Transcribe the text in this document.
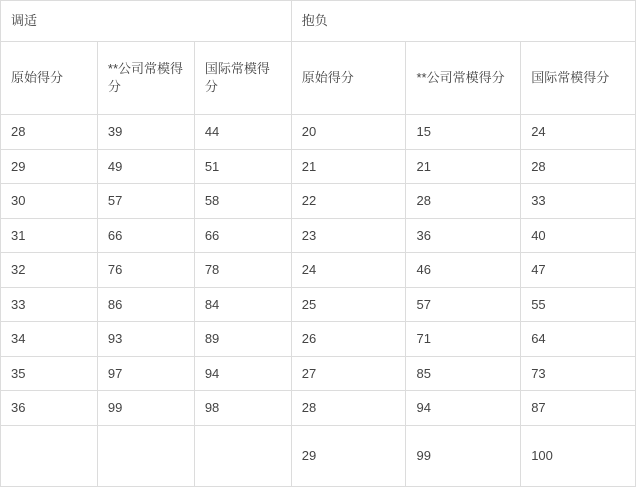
调适			抱负		
原始得分	**公司常模得分	国际常模得分	原始得分	**公司常模得分	国际常模得分
28	39	44	20	15	24
29	49	51	21	21	28
30	57	58	22	28	33
31	66	66	23	36	40
32	76	78	24	46	47
33	86	84	25	57	55
34	93	89	26	71	64
35	97	94	27	85	73
36	99	98	28	94	87
			29	99	100
